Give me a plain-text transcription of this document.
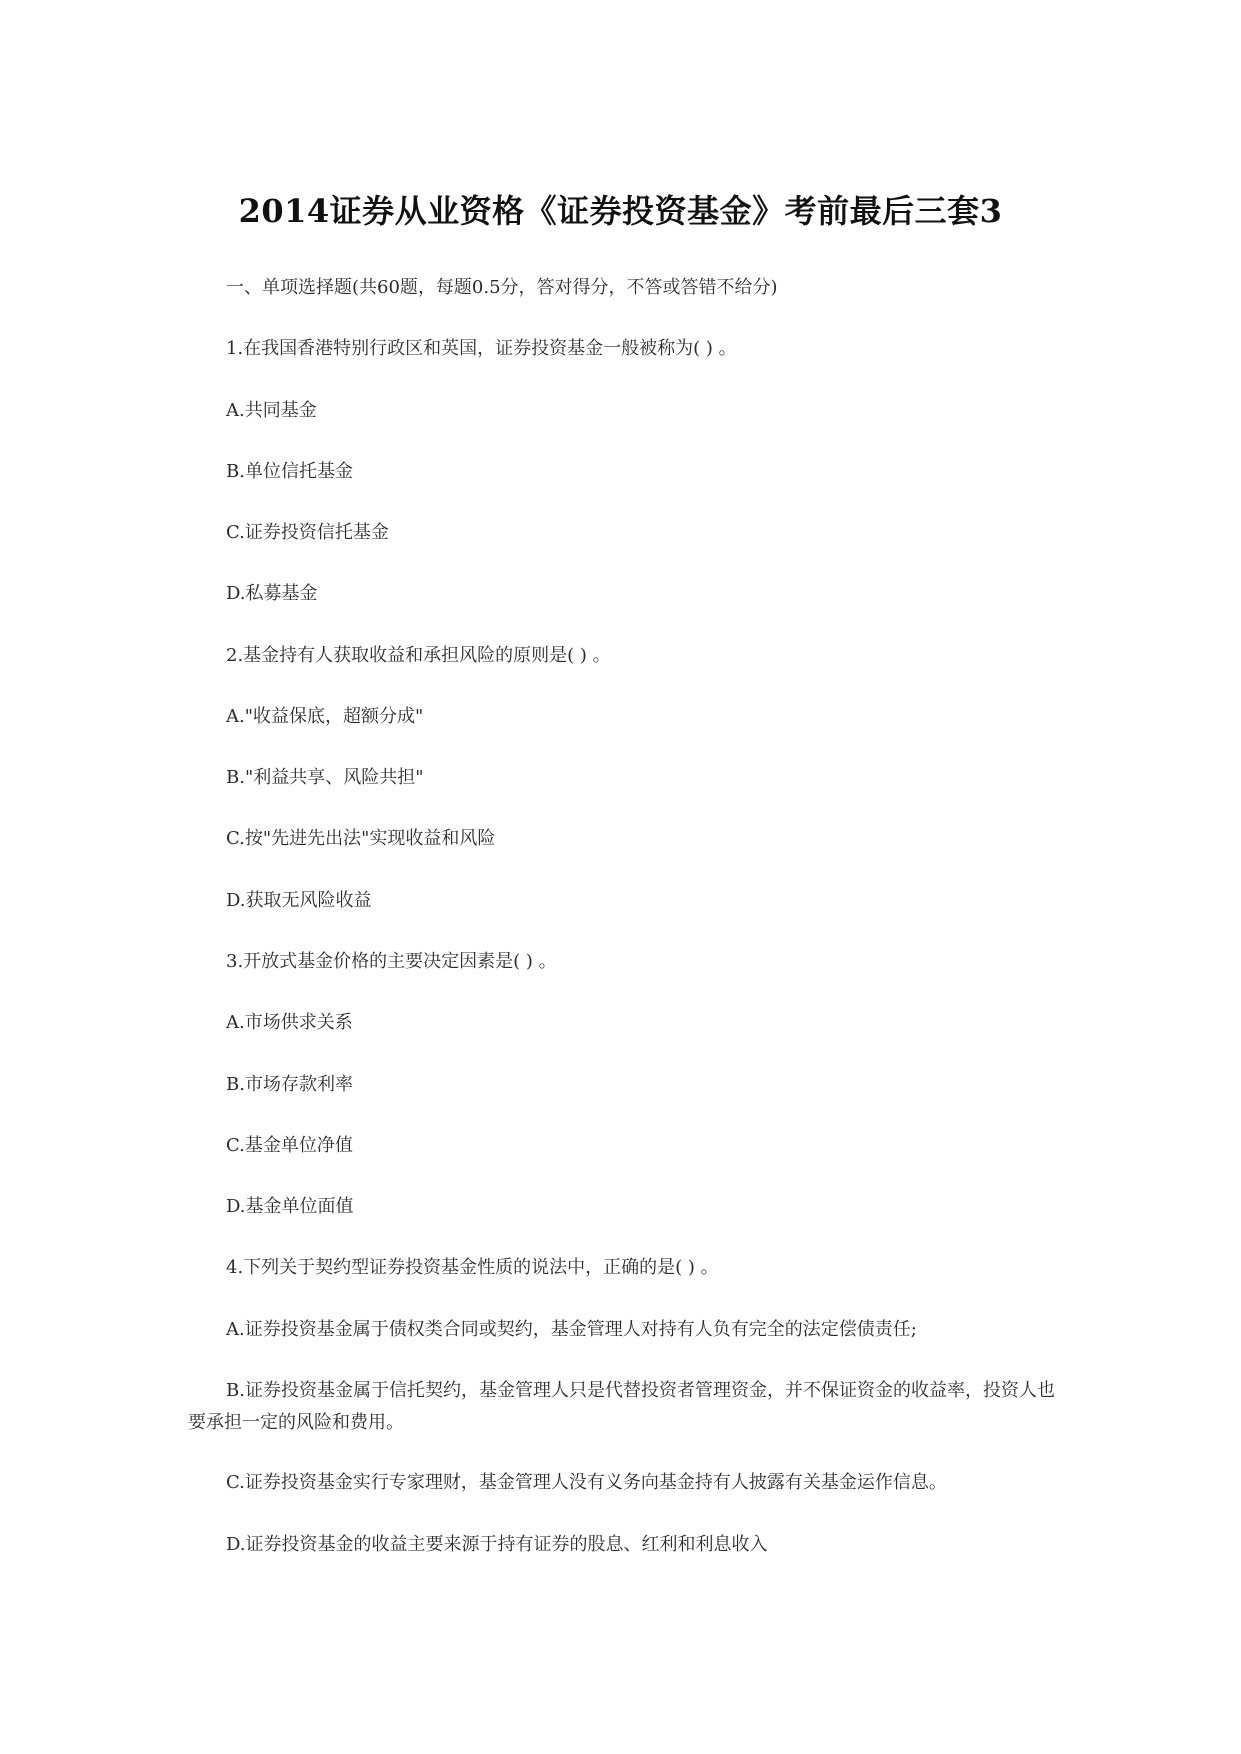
2014证券从业资格《证券投资基金》考前最后三套3

一、单项选择题(共60题，每题0.5分，答对得分，不答或答错不给分)

1.在我国香港特别行政区和英国，证券投资基金一般被称为( ) 。

A.共同基金

B.单位信托基金

C.证券投资信托基金

D.私募基金

2.基金持有人获取收益和承担风险的原则是( ) 。

A."收益保底，超额分成"

B."利益共享、风险共担"

C.按"先进先出法"实现收益和风险

D.获取无风险收益

3.开放式基金价格的主要决定因素是( ) 。

A.市场供求关系

B.市场存款利率

C.基金单位净值

D.基金单位面值

4.下列关于契约型证券投资基金性质的说法中，正确的是( ) 。

A.证券投资基金属于债权类合同或契约，基金管理人对持有人负有完全的法定偿债责任;

B.证券投资基金属于信托契约，基金管理人只是代替投资者管理资金，并不保证资金的收益率，投资人也要承担一定的风险和费用。

C.证券投资基金实行专家理财，基金管理人没有义务向基金持有人披露有关基金运作信息。

D.证券投资基金的收益主要来源于持有证券的股息、红利和利息收入
